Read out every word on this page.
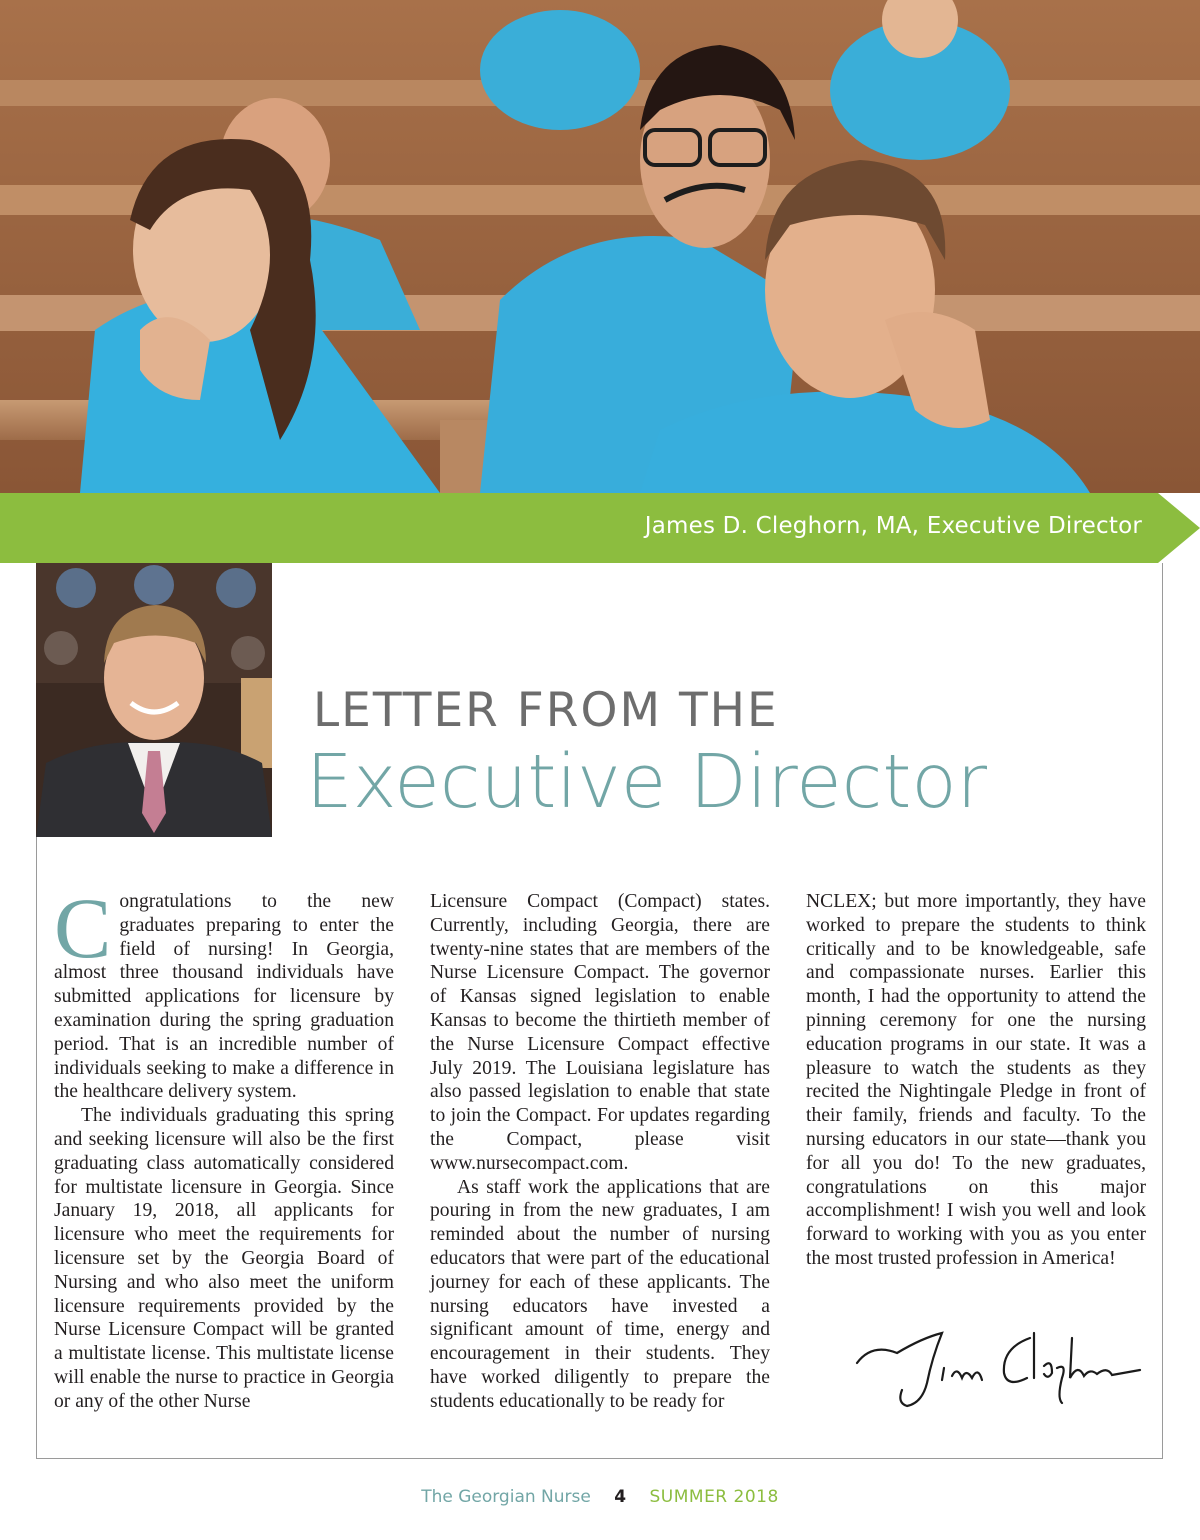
James D. Cleghorn, MA, Executive Director
LETTER FROM THE
Executive Director

Congratulations to the new graduates preparing to enter the field of nursing! In Georgia, almost three thousand individuals have submitted applications for licensure by examination during the spring graduation period. That is an incredible number of individuals seeking to make a difference in the healthcare delivery system.

The individuals graduating this spring and seeking licensure will also be the first graduating class automatically considered for multistate licensure in Georgia. Since January 19, 2018, all applicants for licensure who meet the requirements for licensure set by the Georgia Board of Nursing and who also meet the uniform licensure requirements provided by the Nurse Licensure Compact will be granted a multistate license. This multistate license will enable the nurse to practice in Georgia or any of the other Nurse

Licensure Compact (Compact) states. Currently, including Georgia, there are twenty-nine states that are members of the Nurse Licensure Compact. The governor of Kansas signed legislation to enable Kansas to become the thirtieth member of the Nurse Licensure Compact effective July 2019. The Louisiana legislature has also passed legislation to enable that state to join the Compact. For updates regarding the Compact, please visit www.nursecompact.com.

As staff work the applications that are pouring in from the new graduates, I am reminded about the number of nursing educators that were part of the educational journey for each of these applicants. The nursing educators have invested a significant amount of time, energy and encouragement in their students. They have worked diligently to prepare the students educationally to be ready for

NCLEX; but more importantly, they have worked to prepare the students to think critically and to be knowledgeable, safe and compassionate nurses. Earlier this month, I had the opportunity to attend the pinning ceremony for one the nursing education programs in our state. It was a pleasure to watch the students as they recited the Nightingale Pledge in front of their family, friends and faculty. To the nursing educators in our state—thank you for all you do! To the new graduates, congratulations on this major accomplishment! I wish you well and look forward to working with you as you enter the most trusted profession in America!

The Georgian Nurse 4 SUMMER 2018
